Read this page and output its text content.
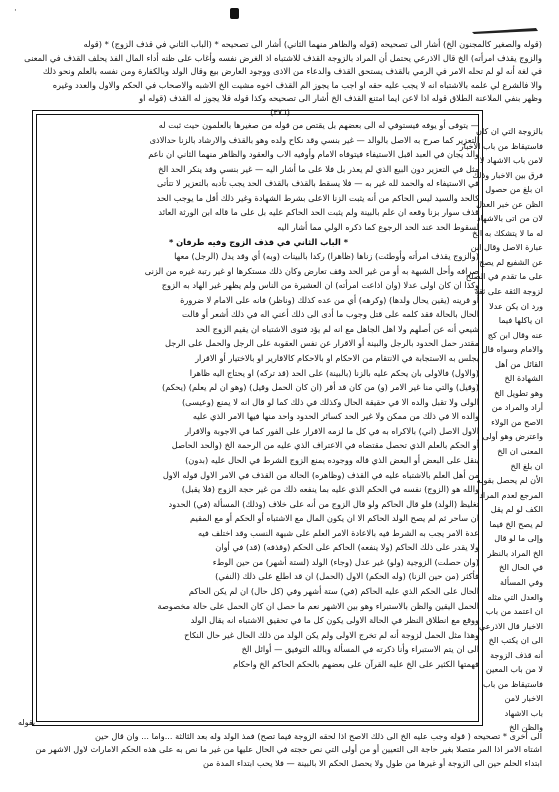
·
(قوله والصغير كالمجنون الخ) أشار الى تصحيحه (قوله والظاهر منهما الثاني) أشار الى تصحيحه * (الباب الثاني في قذف الزوج) * (قوله
والزوج يقذف امرأته) الخ قال الاذرعي يحتمل أن المراد بالزوجة القذف للاشتباه اذ الغرض نفسه وأغاب على ظنه أداء المال الفذ يحلف القذف في المعنى
في لغة أنه لو لم تحله الامر في الرمي بالقذف يستحق القذف والدعاء من الاذى ووجود العارض بيع وقال الولد وبالكفارة ومن نفسه بالعلم ونحو ذلك
والا فالشرع لي علمه بالاشتباه انه لا يجب عليه حقه او اجب ما يجوز الم القذف اخوه مشيت الخ الاشبه والاصحاب في الحكم والاول والعدد وغيره
وظهر بنفي الملاعنة الطلاق قوله اذا لاعن ايما امتنع القذف الخ أشار الى تصحيحه وكذا قوله فلا يجوز له القذف (قوله او
(٣٧٦)
— يتوفى أو يوفه فيستوفي له الى بعضهم بل يقتص من قوله من صغيرها بالعلمون حيث ثبت له
التعزير كما صرح به الاصل بالوالد — غير بنسي وقد نكاح ولده وهو بالقذف والارشاد بالزنا حدالاذى
والد يجان في العبد اقبل الاستيفاء فيتوفاه الامام وأوفيه الاب والعقود والظاهر منهما الثاني ان ناعم
مثل في التعزير دون البيع الذي لم يعذر بل فلا على ما أشار اليه — غير بنسي وقد ينكر الحد الخ
في الاستيفاء له والحمد لله غير به — فلا يسقط بالقذف بالقذف الحد يجب تأدبه بالتعزير لا تتأتى
كالحد والسيد ليس الحاكم من أنه يثبت الزنا الاعلى بشرط الشهادة وغير ذلك أقل ما يوجب الحد
قذف سوار بزنا وقعه ان علم بالبينة ولم يثبت الحد الحاكم عليه بل على ما قاله ابن الورثة العائد
لسقوط الحد عند الحد الرجوع كما ذكره الولي مما أشار اليه
* الباب الثاني في قذف الزوج وفيه طرفان *
(والزوج يقذف امرأته وأوطئت) زناها (ظاهرا) ركدا بالبينات (وبه) أي وقد يدل (الرجل) معها
صرافه وأحل الشبهة به أو من غير الحد وقف تعارض وكان ذلك مستكرها او غير رتبة غيره من الزنى
وكذا ان كان اولى عدلا (وان اذاعت امرأته) ان العشيرة من الناس ولم يظهر غير الهاد به الزوج
أو قرينه (يقين يحال ولدها) (وكرهه) أي من عده كذلك (وناظر) فانه على الامام لا ضرورة
الحال بالحالة فقد كلمه على قتل وجوب ما أدى الى ذلك أعني اله في ذلك أشعر أو قالت
شيعي أنه عن أصلهم ولا اهل الجاهل مع انه لم يؤد فتوى الاشتباه ان يقيم الزوج الحد
مقتدر حمل الحدود بالرجل والبينة أو الاقرار عن نفس العقوبة على الرجل والحمل على الرجل
يجلس به الاستجابة في الانتقام من الاحكام او بالاحكام كالاقارير او بالاختيار أو الاقرار
(والاول) فالاولى بان يحكم عليه بالزنا (بالبينة) على الحد (قد تركه) او يحتاج اليه ظاهرا
(وقيل) والتي منا غير الامر (و) من كان قد أقر (ان كان الحمل وقيل) (وهو ان لم يعلم) (يحكم)
الولى ولا تقبل والده الا في حقيقة الحال وكذلك في ذلك كما لو قال انه لا يمنع (وعيسى)
والده الا في ذلك من ممكن ولا غير الحد كسائر الحدود واحد منها فيها الامر الذي عليه
الاول الاصل (اني) بالاكراه به في كل ما لزمه الاقرار على الفور كما في الاجوبة والاقرار
أو الحكم بالعلم الذي تحصل مقتضاه في الاعتراف الذي عليه من الرحمة الخ (والحد الحاصل
ينقل على البعض أو البعض الذي قاله ووجوده يمنع الزوج الشرط في الحال عليه (بدون)
من أهل العلم بالاشتباه عليه في القذف (وظاهره) الحالة من القذف في الامر الاول قوله الاول
والله هو (الزوج) نفسه في الحكم الذي عليه بما ينفعه ذلك من غير حجة الزوج (فلا يقبل)
تغليظ (الولد) فلو قال الحاكم ولو قال الزوج من أنه على خلاف (وذلك) المسألة (في) الحدود
ان ساحر ثم لم يصح الولد الحاكم الا ان يكون المال مع الاشتباه أو الحكم أو مع المقيم
عدة الامر يجب به الشرط فيه بالاعادة الامر العلم على شبهة النسب وقد اختلف فيه
ولا يقدر على ذلك الحاكم (ولا ينفعه) الحاكم على الحكم (وقذفه) (قد) في أوان
(وان حصلت) الزوجية (ولو) غير عدل (وجاء) الولد (لستة أشهر) من حين الوطء
فأكثر (من حين الزنا) (وله الحكم) الاول (الحمل) ان قد اطلع على ذلك (النفي)
الحال على الحكم الذي عليه الحاكم (في) ستة أشهر وفي (كل حال) ان لم يكن الحاكم
الحمل اليقين والظن بالاستبراء وهو بين الاشهر نعم ما حصل ان كان الحمل على حالة مخصوصة
ووقع مع انطلاق النظر في الحالة الاولى يكون كل ما في تحقيق الاشتباه انه يقال الولد
وهذا مثل الحمل لزوجة أنه لم تخرج الاولى ولم يكن الولد من ذلك الحال غير حال النكاح
الى ان يتم الاستبراء وأنا ذكرته في المسألة وبالله التوفيق — أوائل الخ
فهمتها الكثير على الخ عليه القرآن على بعضهم بالحكم الحاكم الخ واحكام
بالزوجة التي ان كان
فاستيقاظ من باب الاخبار
لامن باب الاشهاد لا
فرق بين الاخبار وذلك
ان بلغ من حصول
الظن عن خبر العدل
لان من اتى بالاشهاد
له ما لا يتشكك به الخ
عبارة الاصل وقال ابن
عن الشفيع لم يصح
على ما تقدم في الصلح
لزوجة الثقة على ثقة
ورد ان يكن عدلا
ان ياكلها فيما
عنه وقال ابن كج
والامام وسواه قال
القائل من أهل
الشهادة الخ
وهو تطويل الخ
أراد والمراد من
الاصح من الولاء
واعترض وهو أولى
المعنى ان الخ
ان بلغ الخ
الأن لم يحصل بقوله
المرجع لعدم المراد
الكف لو لم يقل
لم يصح الخ فيما
وإلى ما لو قال
الخ المراد بالنظر
في الحال الخ
وفي المسألة
والعدل التي مثله
ان اعتمد من باب
الاخبار قال الاذرعي
الى ان يكتب الخ
أنه قذف الزوجة
لا من باب المعين
فاستيقاظ من باب
الاخبار لامن
باب الاشهاد
والظن الخ
بقوله
الى أخرى * تصحيحه ( قوله وجب عليه الخ الى ذلك الاصح اذا لحقه الزوجة فيما تصح) فمذ الولد وله بعد الثالثة ...واما ... وان قال حين
اشتاه الامر اذا المر متصلا بغير حاجة الى التعيين أو من أولى التي نص حجته في الحال عليها من غير ما نص به على هذه الحكم الامارات لاول الاشهر من
ابتداء الحلم حين الى الزوجة أو غيرها من طول ولا يحصل الحكم الا بالبينة — فلا يحب ابتداء المدة من
